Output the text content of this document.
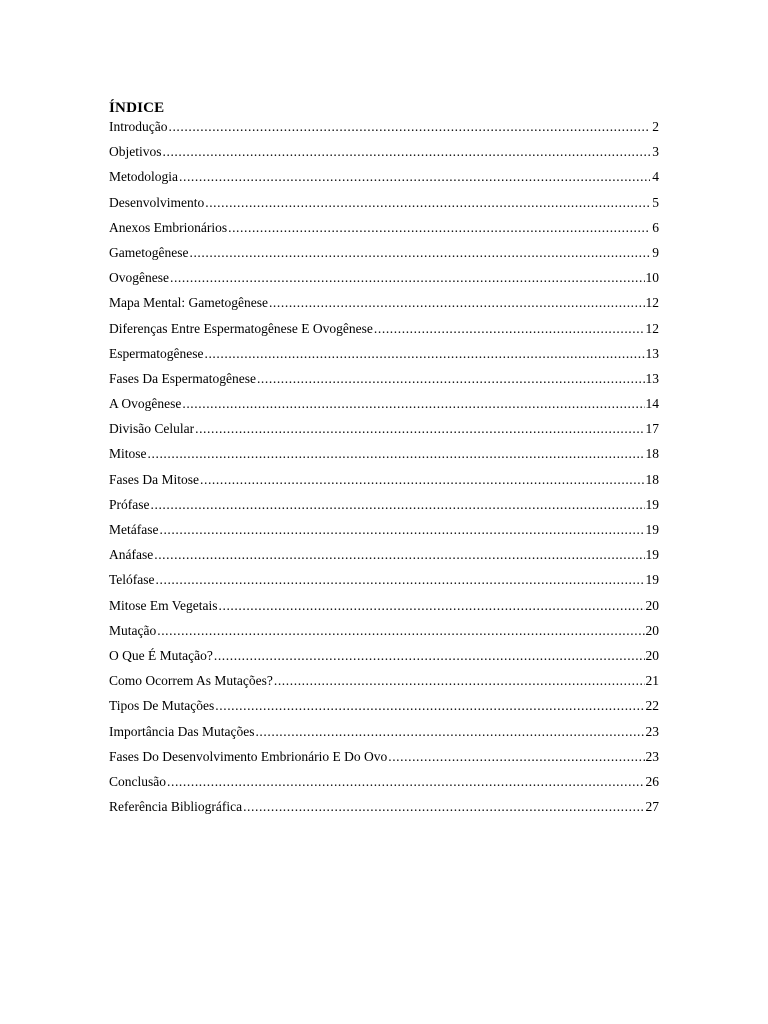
ÍNDICE
Introdução .....	2
Objetivos .....	3
Metodologia .....	4
Desenvolvimento .....	5
Anexos Embrionários .....	6
Gametogênese .....	9
Ovogênese .....	10
Mapa Mental: Gametogênese .....	12
Diferenças Entre Espermatogênese E Ovogênese .....	12
Espermatogênese .....	13
Fases Da Espermatogênese .....	13
A Ovogênese .....	14
Divisão Celular .....	17
Mitose .....	18
Fases Da Mitose .....	18
Prófase .....	19
Metáfase .....	19
Anáfase .....	19
Telófase .....	19
Mitose Em Vegetais .....	20
Mutação .....	20
O Que É Mutação? .....	20
Como Ocorrem As Mutações? .....	21
Tipos De Mutações .....	22
Importância Das Mutações .....	23
Fases Do Desenvolvimento Embrionário E Do Ovo .....	23
Conclusão .....	26
Referência Bibliográfica .....	27
